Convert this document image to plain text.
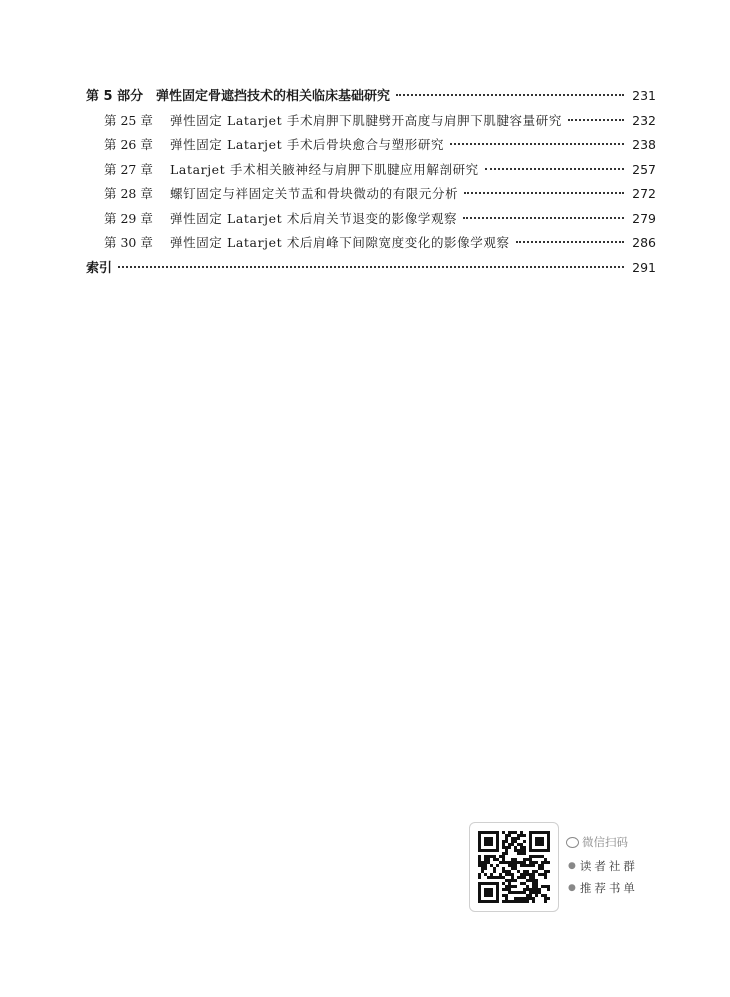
第 5 部分 弹性固定骨遮挡技术的相关临床基础研究	231
第 25 章	弹性固定 Latarjet 手术肩胛下肌腱劈开高度与肩胛下肌腱容量研究	232
第 26 章	弹性固定 Latarjet 手术后骨块愈合与塑形研究	238
第 27 章	Latarjet 手术相关腋神经与肩胛下肌腱应用解剖研究	257
第 28 章	螺钉固定与袢固定关节盂和骨块微动的有限元分析	272
第 29 章	弹性固定 Latarjet 术后肩关节退变的影像学观察	279
第 30 章	弹性固定 Latarjet 术后肩峰下间隙宽度变化的影像学观察	286
索引	291
微信扫码
● 读者社群
● 推荐书单
